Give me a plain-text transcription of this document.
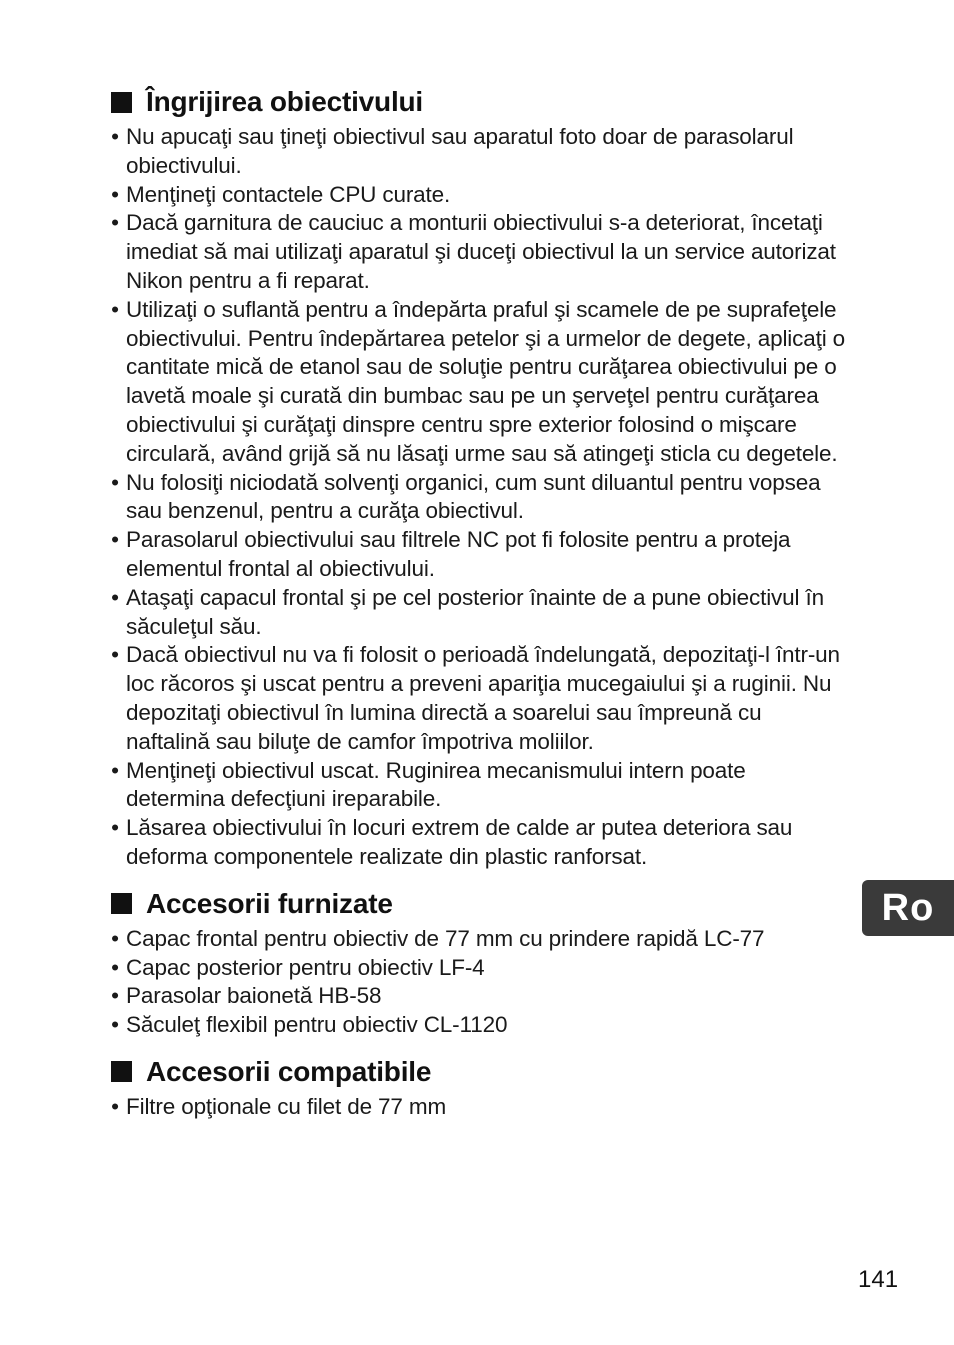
Îngrijirea obiectivului
• Nu apucaţi sau ţineţi obiectivul sau aparatul foto doar de parasolarul obiectivului.
• Menţineţi contactele CPU curate.
• Dacă garnitura de cauciuc a monturii obiectivului s-a deteriorat, încetaţi imediat să mai utilizaţi aparatul şi duceţi obiectivul la un service autorizat Nikon pentru a fi reparat.
• Utilizaţi o suflantă pentru a îndepărta praful şi scamele de pe suprafeţele obiectivului. Pentru îndepărtarea petelor şi a urmelor de degete, aplicaţi o cantitate mică de etanol sau de soluţie pentru curăţarea obiectivului pe o lavetă moale şi curată din bumbac sau pe un şerveţel pentru curăţarea obiectivului şi curăţaţi dinspre centru spre exterior folosind o mişcare circulară, având grijă să nu lăsaţi urme sau să atingeţi sticla cu degetele.
• Nu folosiţi niciodată solvenţi organici, cum sunt diluantul pentru vopsea sau benzenul, pentru a curăţa obiectivul.
• Parasolarul obiectivului sau filtrele NC pot fi folosite pentru a proteja elementul frontal al obiectivului.
• Ataşaţi capacul frontal şi pe cel posterior înainte de a pune obiectivul în săculeţul său.
• Dacă obiectivul nu va fi folosit o perioadă îndelungată, depozitaţi-l într-un loc răcoros şi uscat pentru a preveni apariţia mucegaiului şi a ruginii. Nu depozitaţi obiectivul în lumina directă a soarelui sau împreună cu naftalină sau biluţe de camfor împotriva moliilor.
• Menţineţi obiectivul uscat. Ruginirea mecanismului intern poate determina defecţiuni ireparabile.
• Lăsarea obiectivului în locuri extrem de calde ar putea deteriora sau deforma componentele realizate din plastic ranforsat.
Accesorii furnizate
• Capac frontal pentru obiectiv de 77 mm cu prindere rapidă LC-77
• Capac posterior pentru obiectiv LF-4
• Parasolar baionetă HB-58
• Săculeţ flexibil pentru obiectiv CL-1120
Accesorii compatibile
• Filtre opţionale cu filet de 77 mm
Ro
141
